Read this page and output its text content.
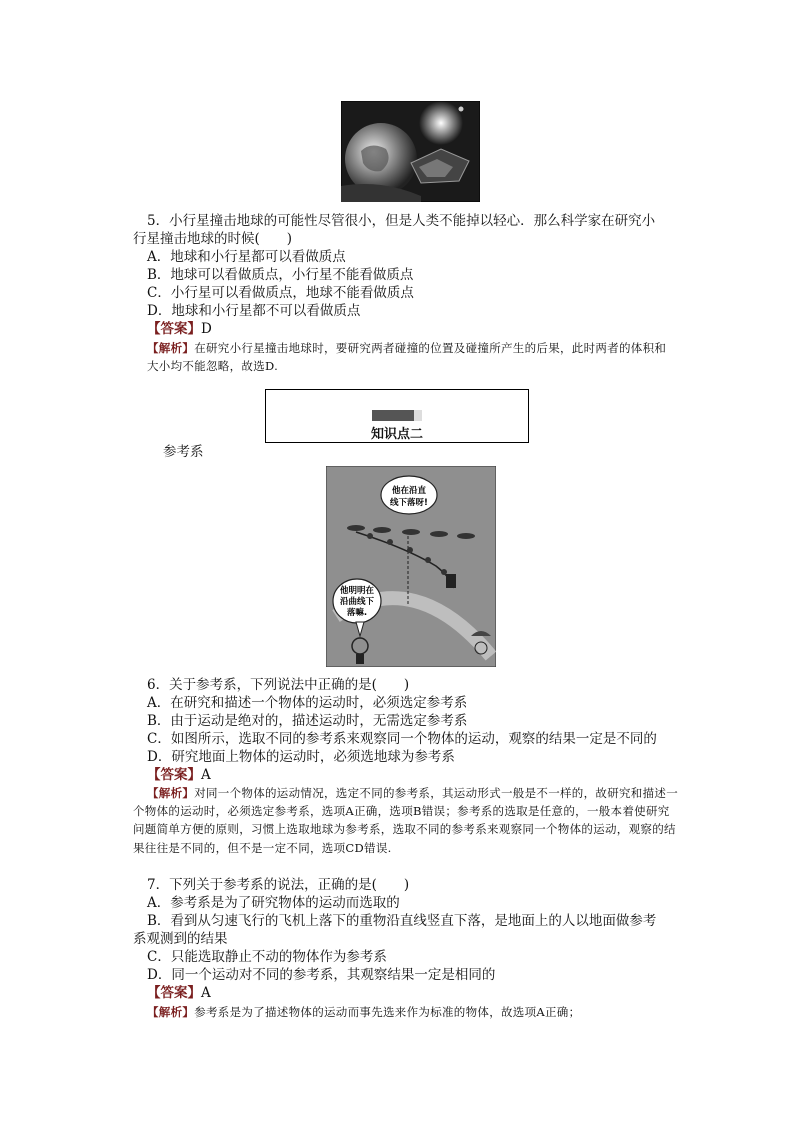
5．小行星撞击地球的可能性尽管很小，但是人类不能掉以轻心．那么科学家在研究小
行星撞击地球的时候(　　)
A．地球和小行星都可以看做质点
B．地球可以看做质点，小行星不能看做质点
C．小行星可以看做质点，地球不能看做质点
D．地球和小行星都不可以看做质点
【答案】D
【解析】在研究小行星撞击地球时，要研究两者碰撞的位置及碰撞所产生的后果，此时两者的体积和大小均不能忽略，故选D.
知识点二
参考系
他在沿直
线下落呀!
他明明在
沿曲线下
落嘛.
6．关于参考系，下列说法中正确的是(　　)
A．在研究和描述一个物体的运动时，必须选定参考系
B．由于运动是绝对的，描述运动时，无需选定参考系
C．如图所示，选取不同的参考系来观察同一个物体的运动，观察的结果一定是不同的
D．研究地面上物体的运动时，必须选地球为参考系
【答案】A
【解析】对同一个物体的运动情况，选定不同的参考系，其运动形式一般是不一样的，故研究和描述一个物体的运动时，必须选定参考系，选项A正确，选项B错误；参考系的选取是任意的，一般本着使研究问题简单方便的原则，习惯上选取地球为参考系，选取不同的参考系来观察同一个物体的运动，观察的结果往往是不同的，但不是一定不同，选项CD错误.
7．下列关于参考系的说法，正确的是(　　)
A．参考系是为了研究物体的运动而选取的
B．看到从匀速飞行的飞机上落下的重物沿直线竖直下落，是地面上的人以地面做参考
系观测到的结果
C．只能选取静止不动的物体作为参考系
D．同一个运动对不同的参考系，其观察结果一定是相同的
【答案】A
【解析】参考系是为了描述物体的运动而事先选来作为标准的物体，故选项A正确；
